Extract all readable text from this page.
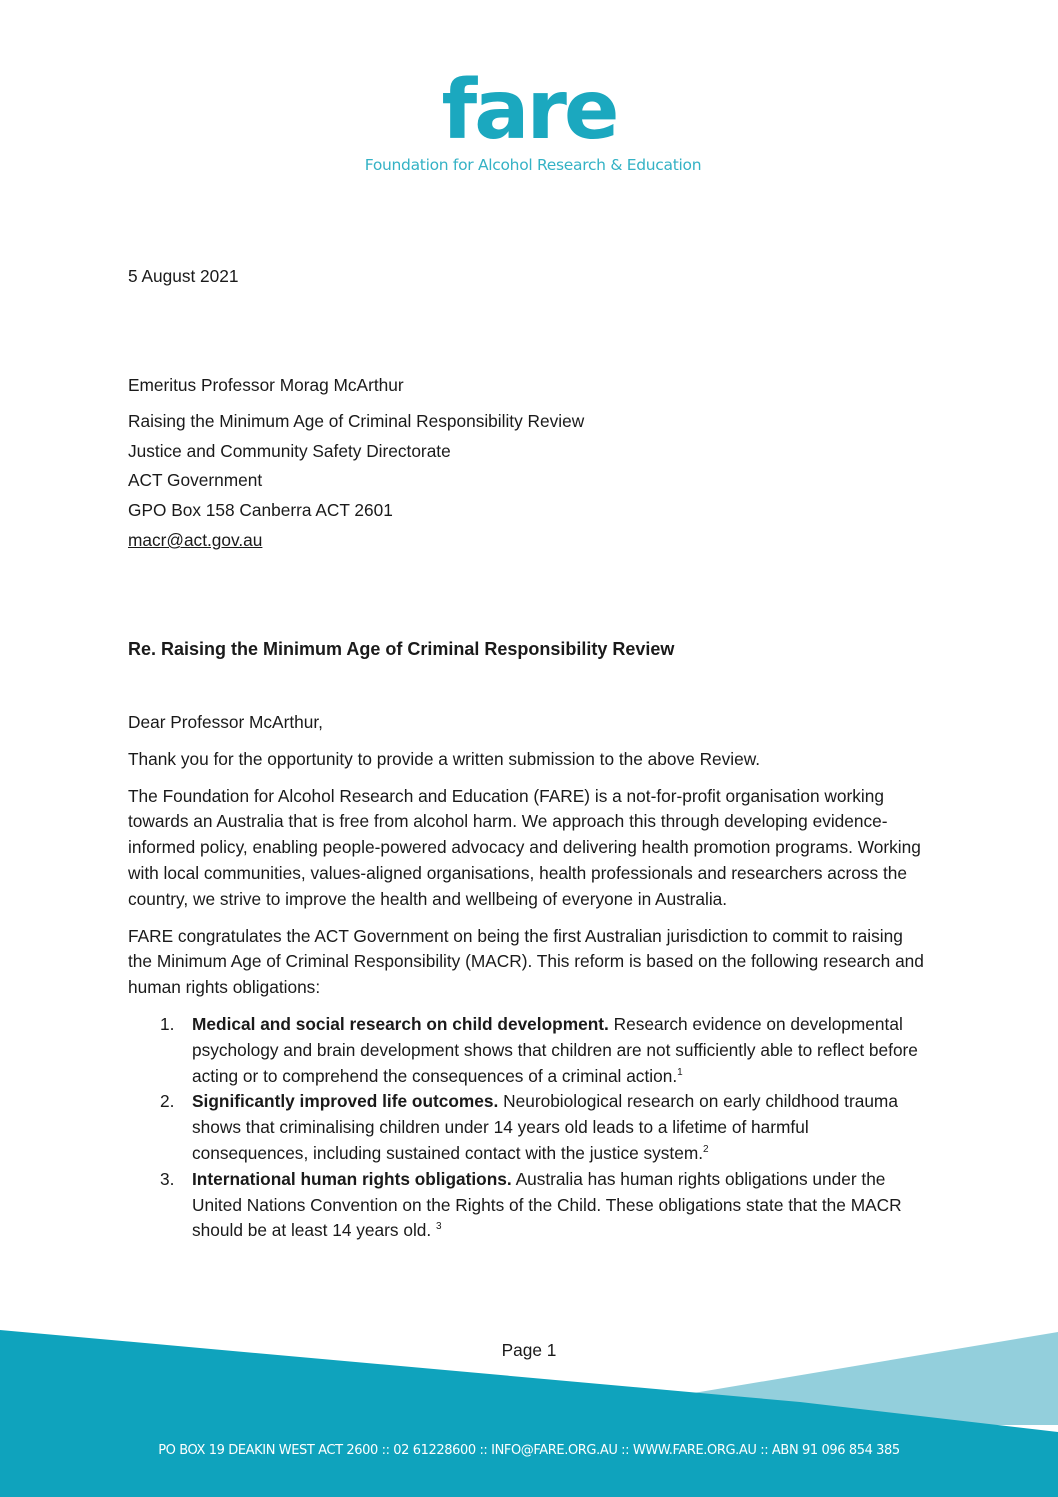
fare
Foundation for Alcohol Research & Education
5 August 2021
Emeritus Professor Morag McArthur
Raising the Minimum Age of Criminal Responsibility Review
Justice and Community Safety Directorate
ACT Government
GPO Box 158 Canberra ACT 2601
macr@act.gov.au
Re. Raising the Minimum Age of Criminal Responsibility Review

Dear Professor McArthur,

Thank you for the opportunity to provide a written submission to the above Review.

The Foundation for Alcohol Research and Education (FARE) is a not-for-profit organisation working towards an Australia that is free from alcohol harm. We approach this through developing evidence-informed policy, enabling people-powered advocacy and delivering health promotion programs. Working with local communities, values-aligned organisations, health professionals and researchers across the country, we strive to improve the health and wellbeing of everyone in Australia.

FARE congratulates the ACT Government on being the first Australian jurisdiction to commit to raising the Minimum Age of Criminal Responsibility (MACR). This reform is based on the following research and human rights obligations:

1. Medical and social research on child development. Research evidence on developmental psychology and brain development shows that children are not sufficiently able to reflect before acting or to comprehend the consequences of a criminal action.$^1$
2. Significantly improved life outcomes. Neurobiological research on early childhood trauma shows that criminalising children under 14 years old leads to a lifetime of harmful consequences, including sustained contact with the justice system.$^2$
3. International human rights obligations. Australia has human rights obligations under the United Nations Convention on the Rights of the Child. These obligations state that the MACR should be at least 14 years old. $^3$
Page 1
PO BOX 19 DEAKIN WEST ACT 2600 :: 02 61228600 :: INFO@FARE.ORG.AU :: WWW.FARE.ORG.AU :: ABN 91 096 854 385
